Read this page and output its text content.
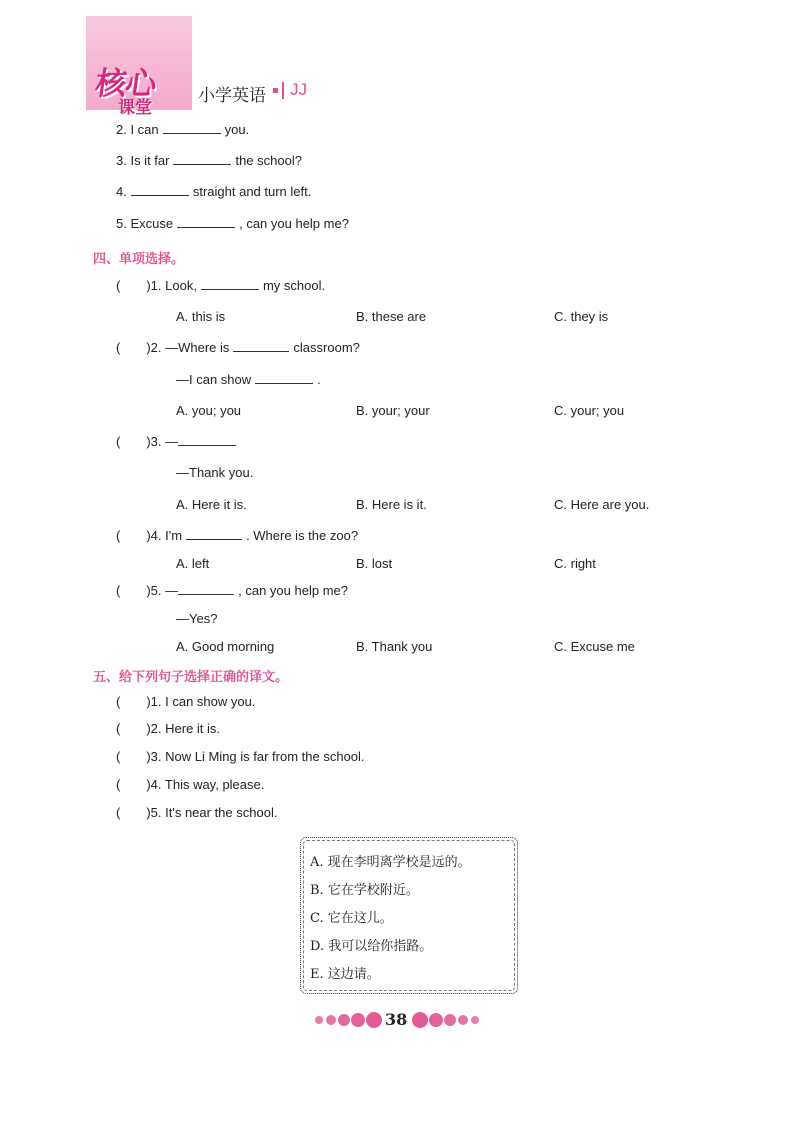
核心
课堂
小学英语 JJ
2. I can	you.
3. Is it far	the school?
4.	straight and turn left.
5. Excuse	, can you help me?
四、单项选择。
( )1. Look,	my school.
A. this is	B. these are	C. they is
( )2. —Where is	classroom?
—I can show	.
A. you; you	B. your; your	C. your; you
( )3. —
—Thank you.
A. Here it is.	B. Here is it.	C. Here are you.
( )4. I'm	. Where is the zoo?
A. left	B. lost	C. right
( )5. —	, can you help me?
—Yes?
A. Good morning	B. Thank you	C. Excuse me
五、给下列句子选择正确的译文。
( )1. I can show you.
( )2. Here it is.
( )3. Now Li Ming is far from the school.
( )4. This way, please.
( )5. It's near the school.
A. 现在李明离学校是远的。
B. 它在学校附近。
C. 它在这儿。
D. 我可以给你指路。
E. 这边请。
38
